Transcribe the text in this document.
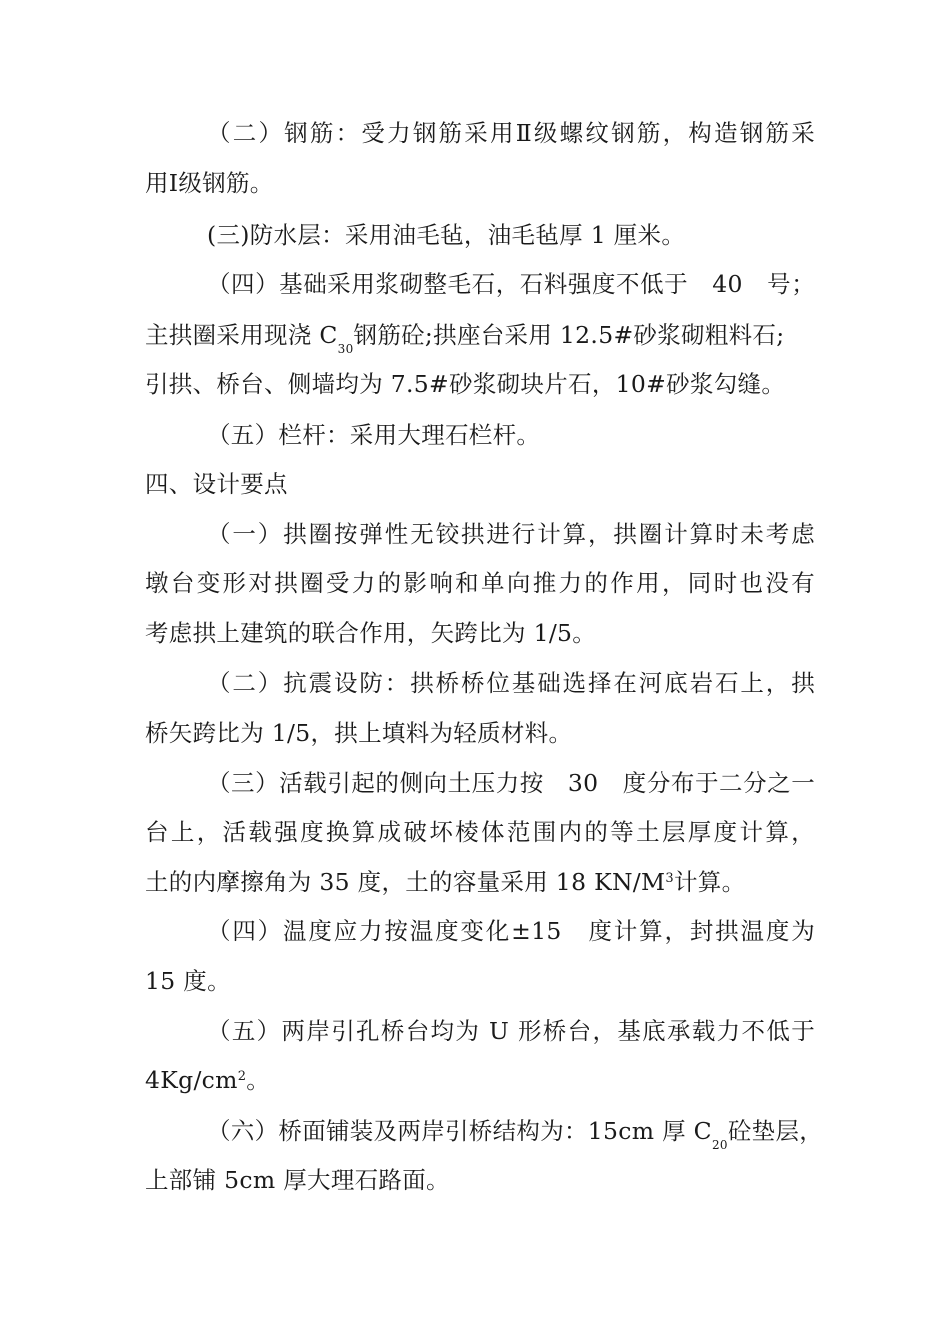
（二）钢筋：受力钢筋采用Ⅱ级螺纹钢筋，构造钢筋采
用Ⅰ级钢筋。
(三)防水层：采用油毛毡，油毛毡厚 1 厘米。
（四）基础采用浆砌整毛石，石料强度不低于　40　号；
主拱圈采用现浇 $C_{30}$钢筋砼;拱座台采用 12.5#砂浆砌粗料石;
引拱、桥台、侧墙均为 7.5#砂浆砌块片石，10#砂浆勾缝。
（五）栏杆：采用大理石栏杆。
四、设计要点
（一）拱圈按弹性无铰拱进行计算，拱圈计算时未考虑
墩台变形对拱圈受力的影响和单向推力的作用，同时也没有
考虑拱上建筑的联合作用，矢跨比为 1/5。
（二）抗震设防：拱桥桥位基础选择在河底岩石上，拱
桥矢跨比为 1/5，拱上填料为轻质材料。
（三）活载引起的侧向土压力按　30　度分布于二分之一
台上，活载强度换算成破坏棱体范围内的等土层厚度计算，
土的内摩擦角为 35 度，土的容量采用 18 $KN/M^3$计算。
（四）温度应力按温度变化±15　度计算，封拱温度为
15 度。
（五）两岸引孔桥台均为 U 形桥台，基底承载力不低于
$4Kg/cm^2$。
（六）桥面铺装及两岸引桥结构为：15cm 厚 $C_{20}$砼垫层，
上部铺 5cm 厚大理石路面。
